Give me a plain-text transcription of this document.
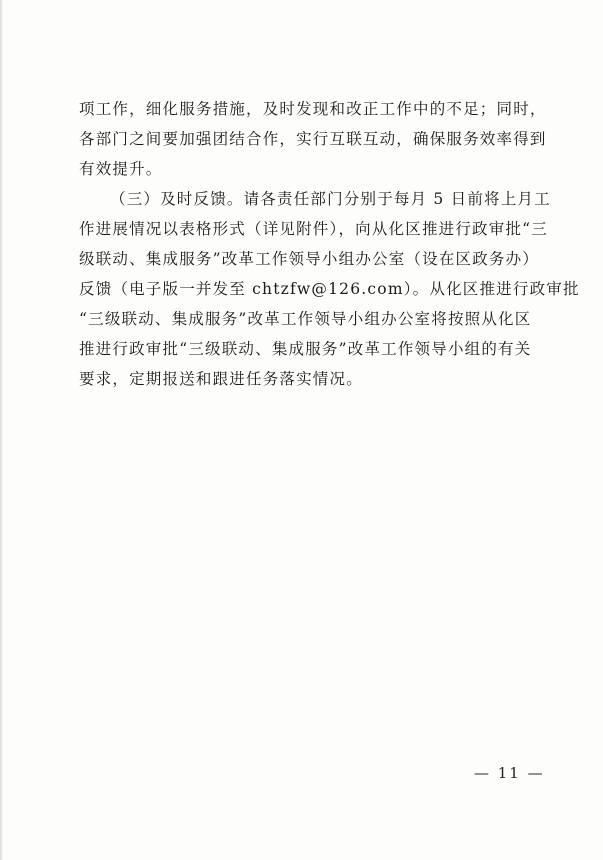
项工作，细化服务措施，及时发现和改正工作中的不足；同时，
各部门之间要加强团结合作，实行互联互动，确保服务效率得到
有效提升。
（三）及时反馈。请各责任部门分别于每月 5 日前将上月工
作进展情况以表格形式（详见附件），向从化区推进行政审批“三
级联动、集成服务”改革工作领导小组办公室（设在区政务办）
反馈（电子版一并发至 chtzfw@126.com）。从化区推进行政审批
“三级联动、集成服务”改革工作领导小组办公室将按照从化区
推进行政审批“三级联动、集成服务”改革工作领导小组的有关
要求，定期报送和跟进任务落实情况。
— 11 —
